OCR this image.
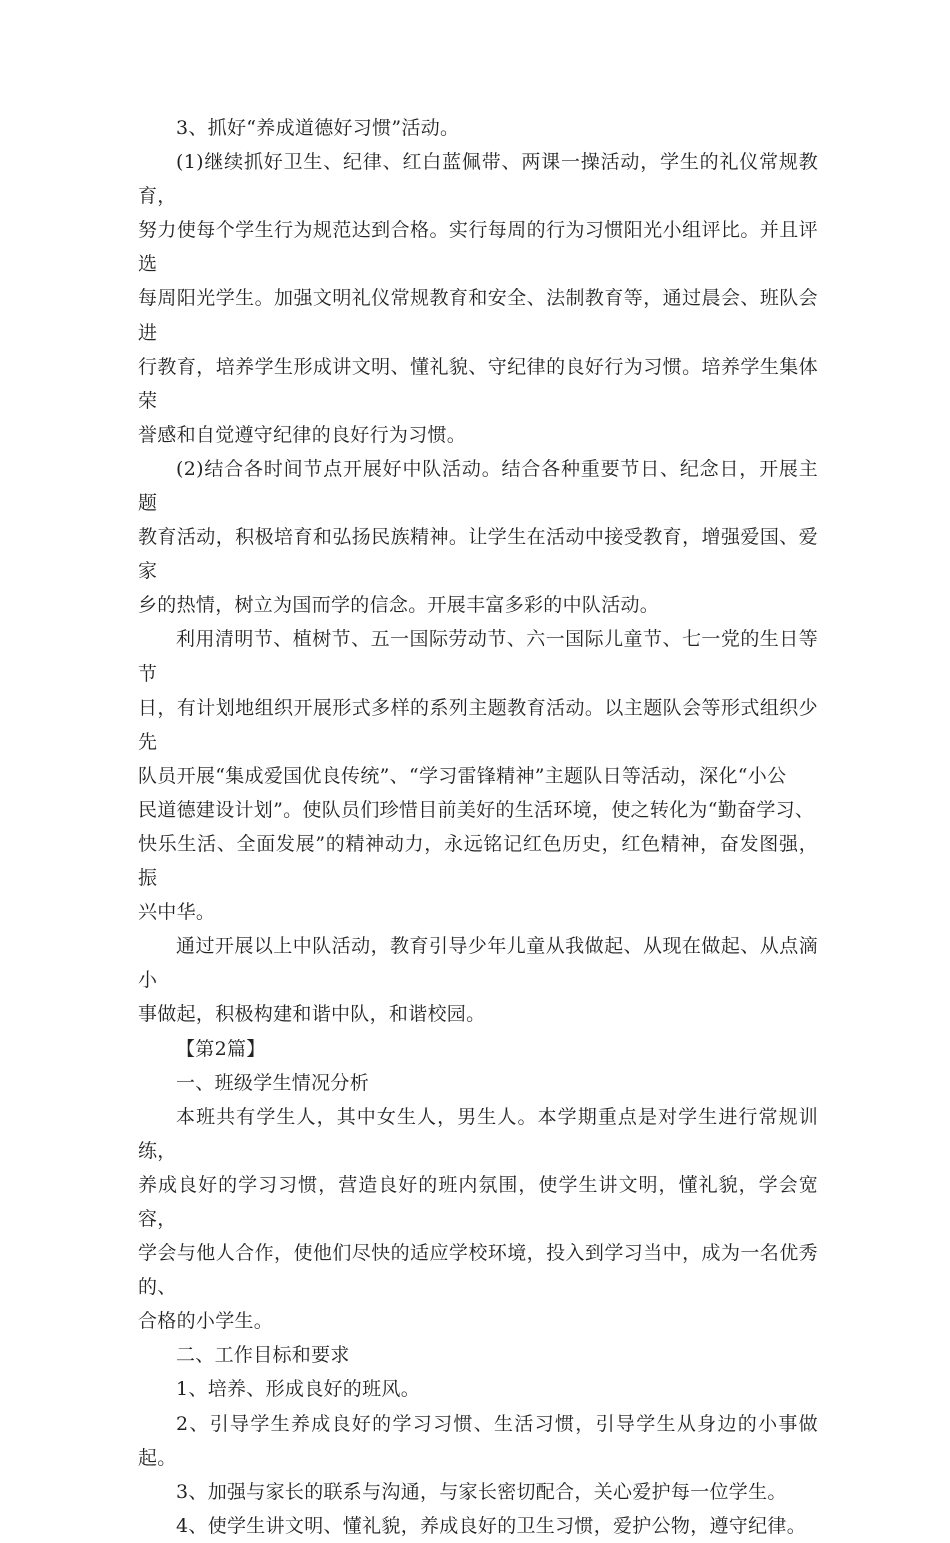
3、抓好“养成道德好习惯”活动。
(1)继续抓好卫生、纪律、红白蓝佩带、两课一操活动，学生的礼仪常规教育，
努力使每个学生行为规范达到合格。实行每周的行为习惯阳光小组评比。并且评选
每周阳光学生。加强文明礼仪常规教育和安全、法制教育等，通过晨会、班队会进
行教育，培养学生形成讲文明、懂礼貌、守纪律的良好行为习惯。培养学生集体荣
誉感和自觉遵守纪律的良好行为习惯。
(2)结合各时间节点开展好中队活动。结合各种重要节日、纪念日，开展主题
教育活动，积极培育和弘扬民族精神。让学生在活动中接受教育，增强爱国、爱家
乡的热情，树立为国而学的信念。开展丰富多彩的中队活动。
利用清明节、植树节、五一国际劳动节、六一国际儿童节、七一党的生日等节
日，有计划地组织开展形式多样的系列主题教育活动。以主题队会等形式组织少先
队员开展“集成爱国优良传统”、“学习雷锋精神”主题队日等活动，深化“小公
民道德建设计划”。使队员们珍惜目前美好的生活环境，使之转化为“勤奋学习、
快乐生活、全面发展”的精神动力，永远铭记红色历史，红色精神，奋发图强，振
兴中华。
通过开展以上中队活动，教育引导少年儿童从我做起、从现在做起、从点滴小
事做起，积极构建和谐中队，和谐校园。
【第2篇】
一、班级学生情况分析
本班共有学生人，其中女生人，男生人。本学期重点是对学生进行常规训练，
养成良好的学习习惯，营造良好的班内氛围，使学生讲文明，懂礼貌，学会宽容，
学会与他人合作，使他们尽快的适应学校环境，投入到学习当中，成为一名优秀的、
合格的小学生。
二、工作目标和要求
1、培养、形成良好的班风。
2、引导学生养成良好的学习习惯、生活习惯，引导学生从身边的小事做起。
3、加强与家长的联系与沟通，与家长密切配合，关心爱护每一位学生。
4、使学生讲文明、懂礼貌，养成良好的卫生习惯，爱护公物，遵守纪律。
